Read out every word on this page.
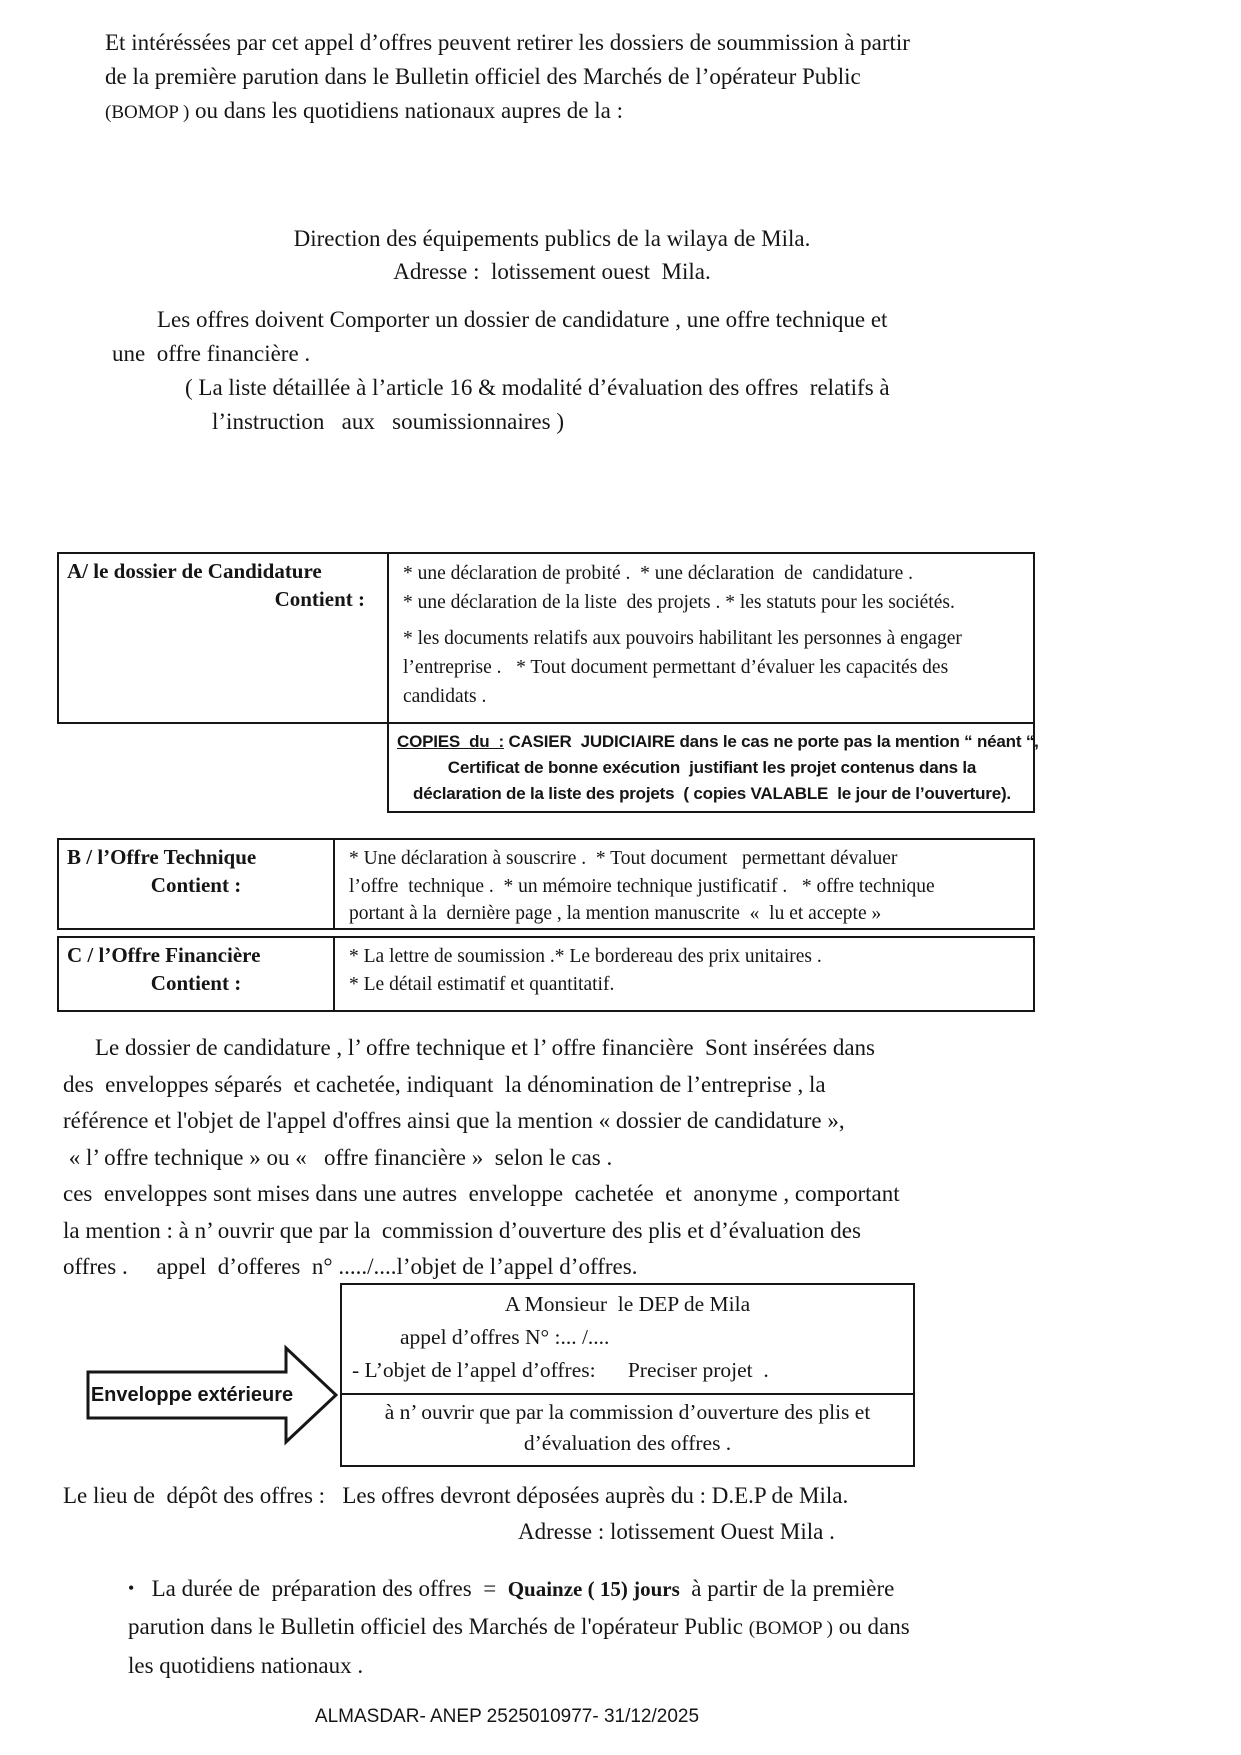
Et intéréssées par cet appel d’offres peuvent retirer les dossiers de soummission à partir
de la première parution dans le Bulletin officiel des Marchés de l’opérateur Public
(BOMOP ) ou dans les quotidiens nationaux aupres de la :
Direction des équipements publics de la wilaya de Mila.
Adresse :  lotissement ouest  Mila.
Les offres doivent Comporter un dossier de candidature , une offre technique et
une  offre financière .
( La liste détaillée à l’article 16 & modalité d’évaluation des offres  relatifs à
l’instruction   aux   soumissionnaires )
A/ le dossier de Candidature
Contient :
* une déclaration de probité .  * une déclaration  de  candidature .
* une déclaration de la liste  des projets . * les statuts pour les sociétés.
* les documents relatifs aux pouvoirs habilitant les personnes à engager
l’entreprise .   * Tout document permettant d’évaluer les capacités des
candidats .
COPIES  du  : CASIER  JUDICIAIRE dans le cas ne porte pas la mention “ néant “,
Certificat de bonne exécution  justifiant les projet contenus dans la
déclaration de la liste des projets  ( copies VALABLE  le jour de l’ouverture).
B / l’Offre Technique
Contient :
* Une déclaration à souscrire .  * Tout document   permettant dévaluer
l’offre  technique .  * un mémoire technique justificatif .   * offre technique
portant à la  dernière page , la mention manuscrite  «  lu et accepte »
C / l’Offre Financière
Contient :
* La lettre de soumission .* Le bordereau des prix unitaires .
* Le détail estimatif et quantitatif.
Le dossier de candidature , l’ offre technique et l’ offre financière  Sont insérées dans
des  enveloppes séparés  et cachetée, indiquant  la dénomination de l’entreprise , la
référence et l'objet de l'appel d'offres ainsi que la mention « dossier de candidature »,
« l’ offre technique » ou «   offre financière »  selon le cas .
ces  enveloppes sont mises dans une autres  enveloppe  cachetée  et  anonyme , comportant
la mention : à n’ ouvrir que par la  commission d’ouverture des plis et d’évaluation des
offres .     appel  d’offeres  n° ...../....l’objet de l’appel d’offres.
Enveloppe extérieure
A Monsieur  le DEP de Mila
appel d’offres N° :... /....
- L’objet de l’appel d’offres:      Preciser projet  .
à n’ ouvrir que par la commission d’ouverture des plis et
d’évaluation des offres .
Le lieu de  dépôt des offres :   Les offres devront déposées auprès du : D.E.P de Mila.
Adresse : lotissement Ouest Mila .
•   La durée de  préparation des offres  =  Quainze ( 15) jours  à partir de la première
parution dans le Bulletin officiel des Marchés de l'opérateur Public (BOMOP ) ou dans
les quotidiens nationaux .
ALMASDAR- ANEP 2525010977- 31/12/2025
